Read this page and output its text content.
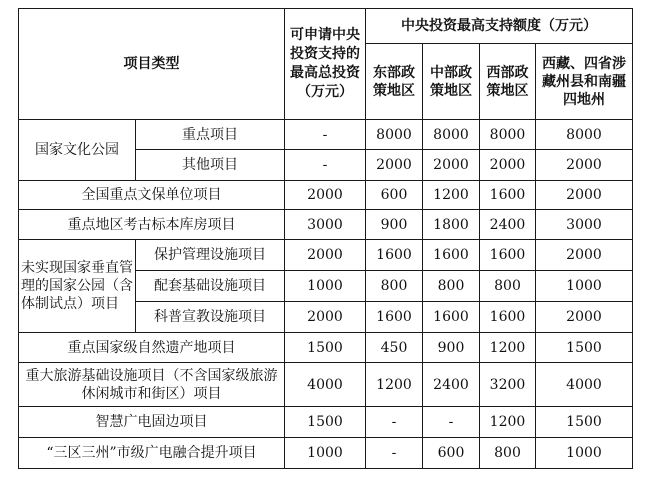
项目类型		可申请中央投资支持的最高总投资（万元）	中央投资最高支持额度（万元）			
			东部政策地区	中部政策地区	西部政策地区	西藏、四省涉藏州县和南疆四地州
国家文化公园	重点项目	-	8000	8000	8000	8000
	其他项目	-	2000	2000	2000	2000
全国重点文保单位项目		2000	600	1200	1600	2000
重点地区考古标本库房项目		3000	900	1800	2400	3000
未实现国家垂直管理的国家公园（含体制试点）项目	保护管理设施项目	2000	1600	1600	1600	2000
	配套基础设施项目	1000	800	800	800	1000
	科普宣教设施项目	2000	1600	1600	1600	2000
重点国家级自然遗产地项目		1500	450	900	1200	1500
重大旅游基础设施项目（不含国家级旅游休闲城市和街区）项目		4000	1200	2400	3200	4000
智慧广电固边项目		1500	-	-	1200	1500
“三区三州”市级广电融合提升项目		1000	-	600	800	1000
